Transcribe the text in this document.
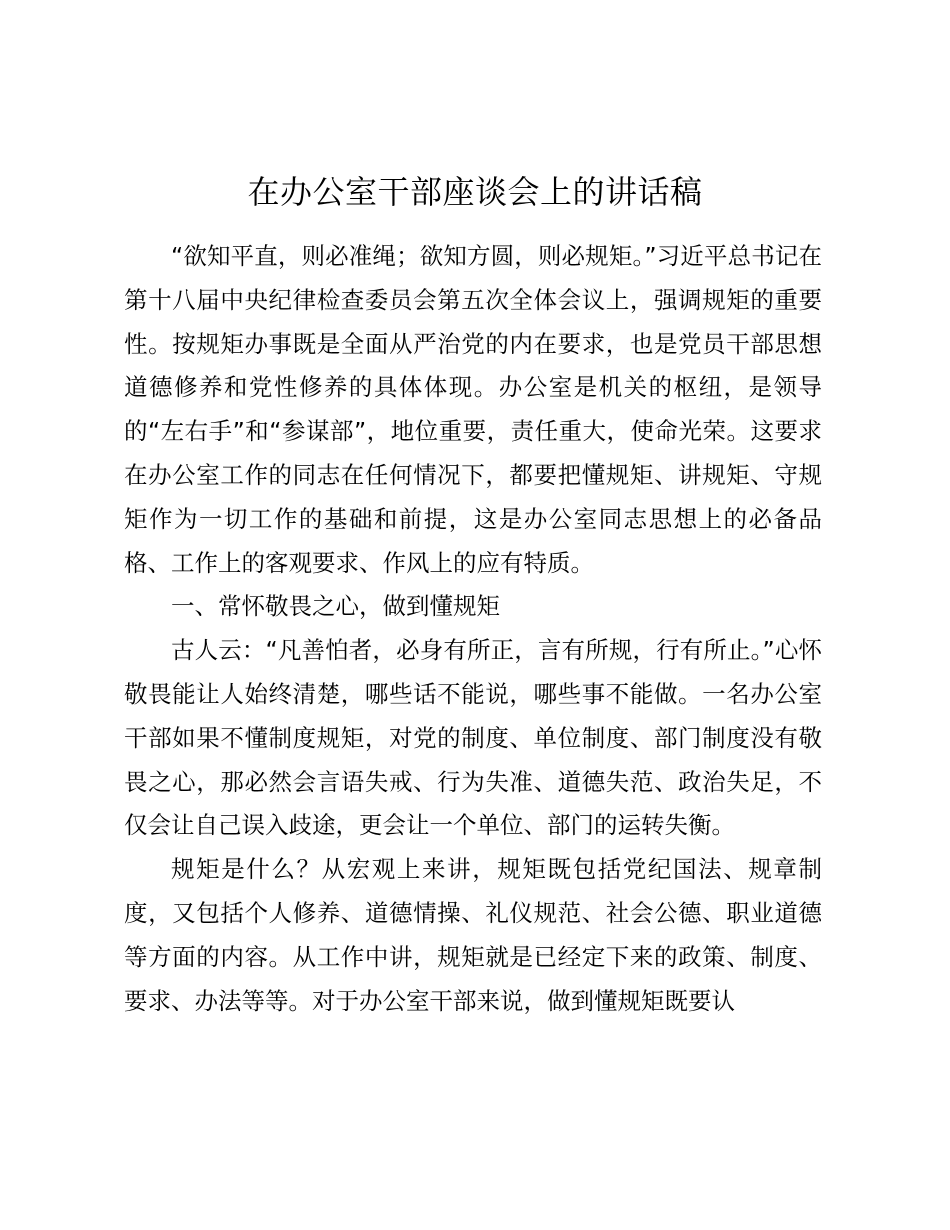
在办公室干部座谈会上的讲话稿

“欲知平直，则必准绳；欲知方圆，则必规矩。”习近平总书记在第十八届中央纪律检查委员会第五次全体会议上，强调规矩的重要性。按规矩办事既是全面从严治党的内在要求，也是党员干部思想道德修养和党性修养的具体体现。办公室是机关的枢纽，是领导的“左右手”和“参谋部”，地位重要，责任重大，使命光荣。这要求在办公室工作的同志在任何情况下，都要把懂规矩、讲规矩、守规矩作为一切工作的基础和前提，这是办公室同志思想上的必备品格、工作上的客观要求、作风上的应有特质。

一、常怀敬畏之心，做到懂规矩

古人云：“凡善怕者，必身有所正，言有所规，行有所止。”心怀敬畏能让人始终清楚，哪些话不能说，哪些事不能做。一名办公室干部如果不懂制度规矩，对党的制度、单位制度、部门制度没有敬畏之心，那必然会言语失戒、行为失准、道德失范、政治失足，不仅会让自己误入歧途，更会让一个单位、部门的运转失衡。

规矩是什么？从宏观上来讲，规矩既包括党纪国法、规章制度，又包括个人修养、道德情操、礼仪规范、社会公德、职业道德等方面的内容。从工作中讲，规矩就是已经定下来的政策、制度、要求、办法等等。对于办公室干部来说，做到懂规矩既要认
